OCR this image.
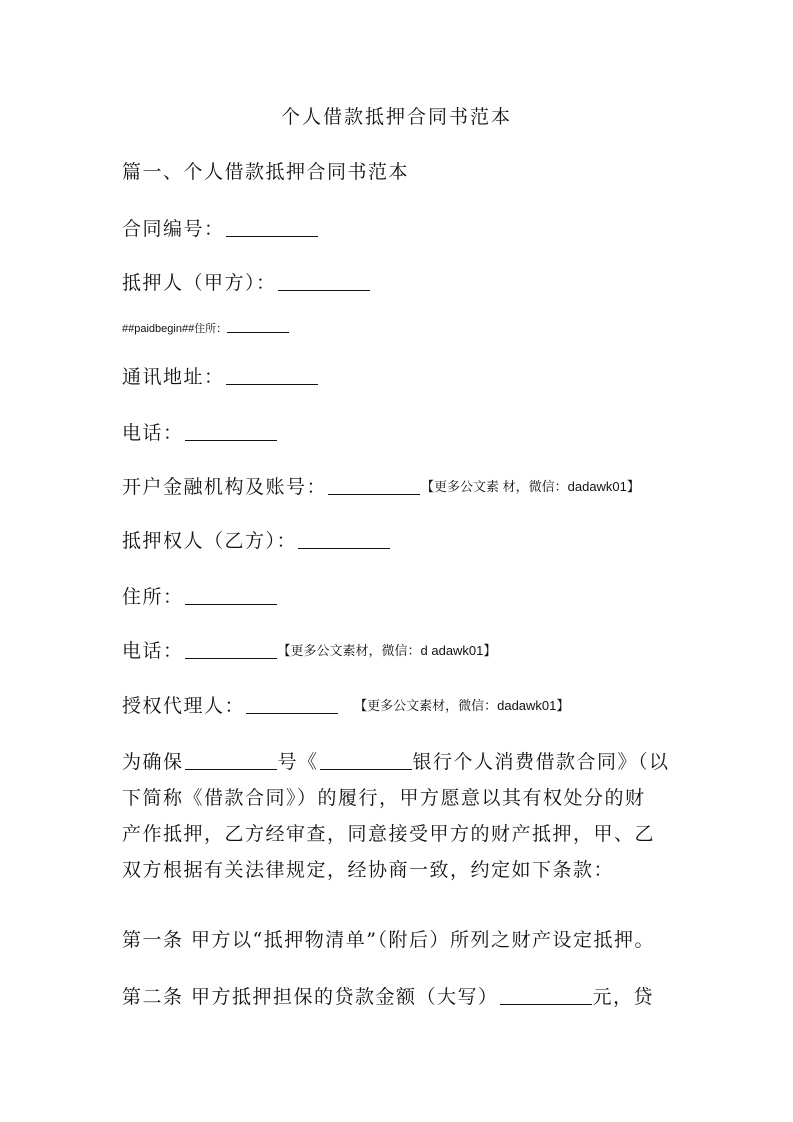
个人借款抵押合同书范本
篇一、个人借款抵押合同书范本
合同编号：
抵押人（甲方）：
##paidbegin##住所：
通讯地址：
电话：
开户金融机构及账号：	【更多公文素 材，微信：dadawk01】
抵押权人（乙方）：
住所：
电话：	【更多公文素材，微信：d adawk01】
授权代理人：	【更多公文素材，微信：dadawk01】
为确保	号《	银行个人消费借款合同》（以
下简称《借款合同》）的履行，甲方愿意以其有权处分的财
产作抵押，乙方经审查，同意接受甲方的财产抵押，甲、乙
双方根据有关法律规定，经协商一致，约定如下条款：
第一条 甲方以“抵押物清单”（附后）所列之财产设定抵押。
第二条 甲方抵押担保的贷款金额（大写）	元，贷
